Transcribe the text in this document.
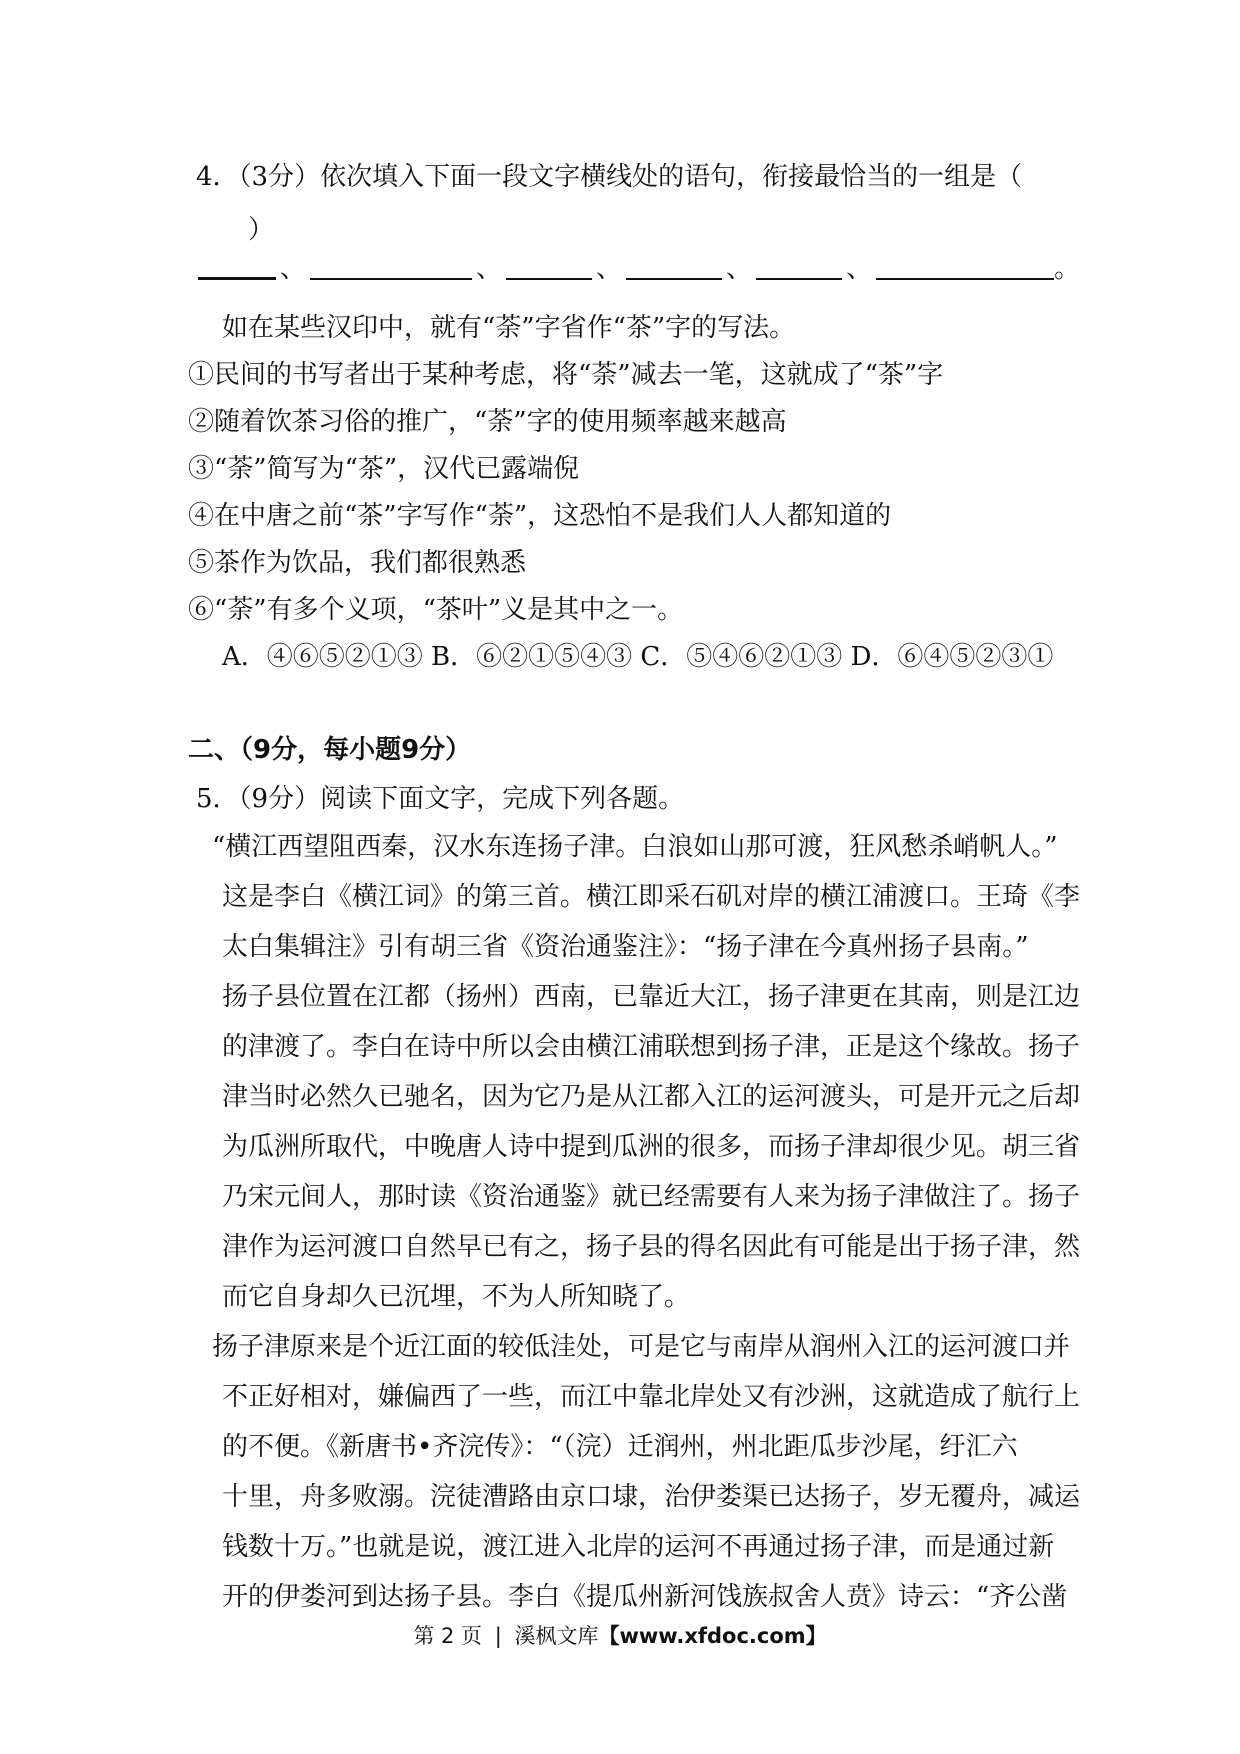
4．（3分）依次填入下面一段文字横线处的语句，衔接最恰当的一组是（
）
、	、	、	、	、	。
如在某些汉印中，就有“荼”字省作“茶”字的写法。
①民间的书写者出于某种考虑，将“荼”减去一笔，这就成了“茶”字
②随着饮茶习俗的推广，“荼”字的使用频率越来越高
③“荼”简写为“茶”，汉代已露端倪
④在中唐之前“茶”字写作“荼”，这恐怕不是我们人人都知道的
⑤茶作为饮品，我们都很熟悉
⑥“荼”有多个义项，“茶叶”义是其中之一。
A．④⑥⑤②①③ B．⑥②①⑤④③ C．⑤④⑥②①③ D．⑥④⑤②③①
二、（9分，每小题9分）
5．（9分）阅读下面文字，完成下列各题。
“横江西望阻西秦，汉水东连扬子津。白浪如山那可渡，狂风愁杀峭帆人。”
这是李白《横江词》的第三首。横江即采石矶对岸的横江浦渡口。王琦《李
太白集辑注》引有胡三省《资治通鉴注》：“扬子津在今真州扬子县南。”
扬子县位置在江都（扬州）西南，已靠近大江，扬子津更在其南，则是江边
的津渡了。李白在诗中所以会由横江浦联想到扬子津，正是这个缘故。扬子
津当时必然久已驰名，因为它乃是从江都入江的运河渡头，可是开元之后却
为瓜洲所取代，中晚唐人诗中提到瓜洲的很多，而扬子津却很少见。胡三省
乃宋元间人，那时读《资治通鉴》就已经需要有人来为扬子津做注了。扬子
津作为运河渡口自然早已有之，扬子县的得名因此有可能是出于扬子津，然
而它自身却久已沉埋，不为人所知晓了。
扬子津原来是个近江面的较低洼处，可是它与南岸从润州入江的运河渡口并
不正好相对，嫌偏西了一些，而江中靠北岸处又有沙洲，这就造成了航行上
的不便。《新唐书•齐浣传》：“（浣）迁润州，州北距瓜步沙尾，纡汇六
十里，舟多败溺。浣徒漕路由京口埭，治伊娄渠已达扬子，岁无覆舟，减运
钱数十万。”也就是说，渡江进入北岸的运河不再通过扬子津，而是通过新
开的伊娄河到达扬子县。李白《提瓜州新河饯族叔舍人贲》诗云：“齐公凿
第 2 页 | 溪枫文库【www.xfdoc.com】
